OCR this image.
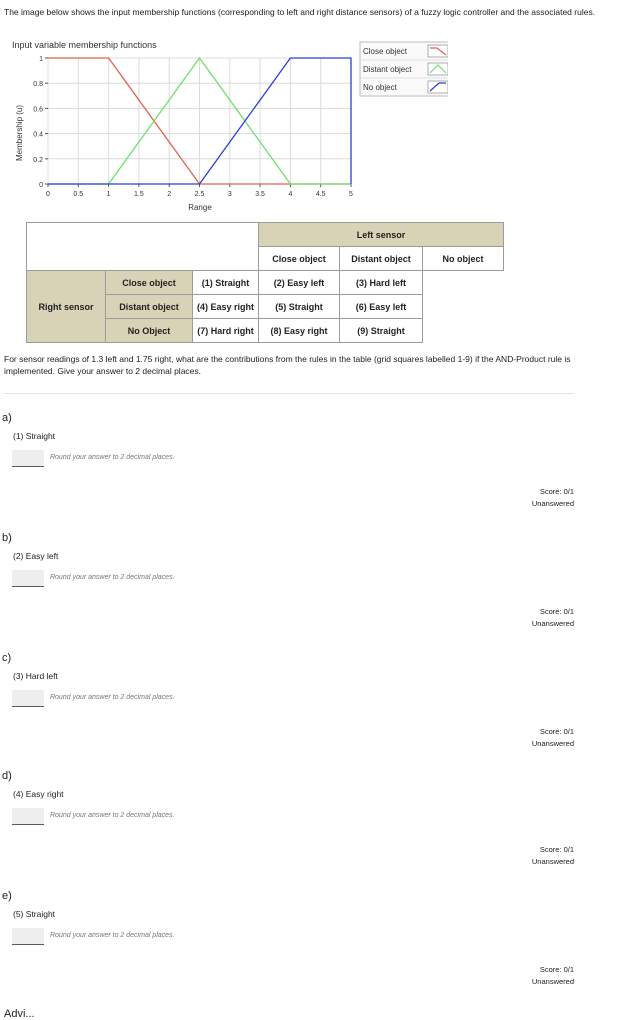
The image below shows the input membership functions (corresponding to left and right distance sensors) of a fuzzy logic controller and the associated rules.
Input variable membership functions
Membership (u)
Range
0	0.5	1	1.5	2	2.5	3	3.5	4	4.5	5
0
0.2
0.4
0.6
0.8
1
Close object
Distant object
No object
			Left sensor		
			Close object	Distant object	No object
Right sensor	Close object	(1) Straight	(2) Easy left	(3) Hard left	
	Distant object	(4) Easy right	(5) Straight	(6) Easy left	
	No Object	(7) Hard right	(8) Easy right	(9) Straight	
For sensor readings of 1.3 left and 1.75 right, what are the contributions from the rules in the table (grid squares labelled 1-9) if the AND-Product rule is implemented. Give your answer to 2 decimal places.
a)
(1) Straight
Round your answer to 2 decimal places.
Score: 0/1
Unanswered
b)
(2) Easy left
Round your answer to 2 decimal places.
Score: 0/1
Unanswered
c)
(3) Hard left
Round your answer to 2 decimal places.
Score: 0/1
Unanswered
d)
(4) Easy right
Round your answer to 2 decimal places.
Score: 0/1
Unanswered
e)
(5) Straight
Round your answer to 2 decimal places.
Score: 0/1
Unanswered
Advi...
